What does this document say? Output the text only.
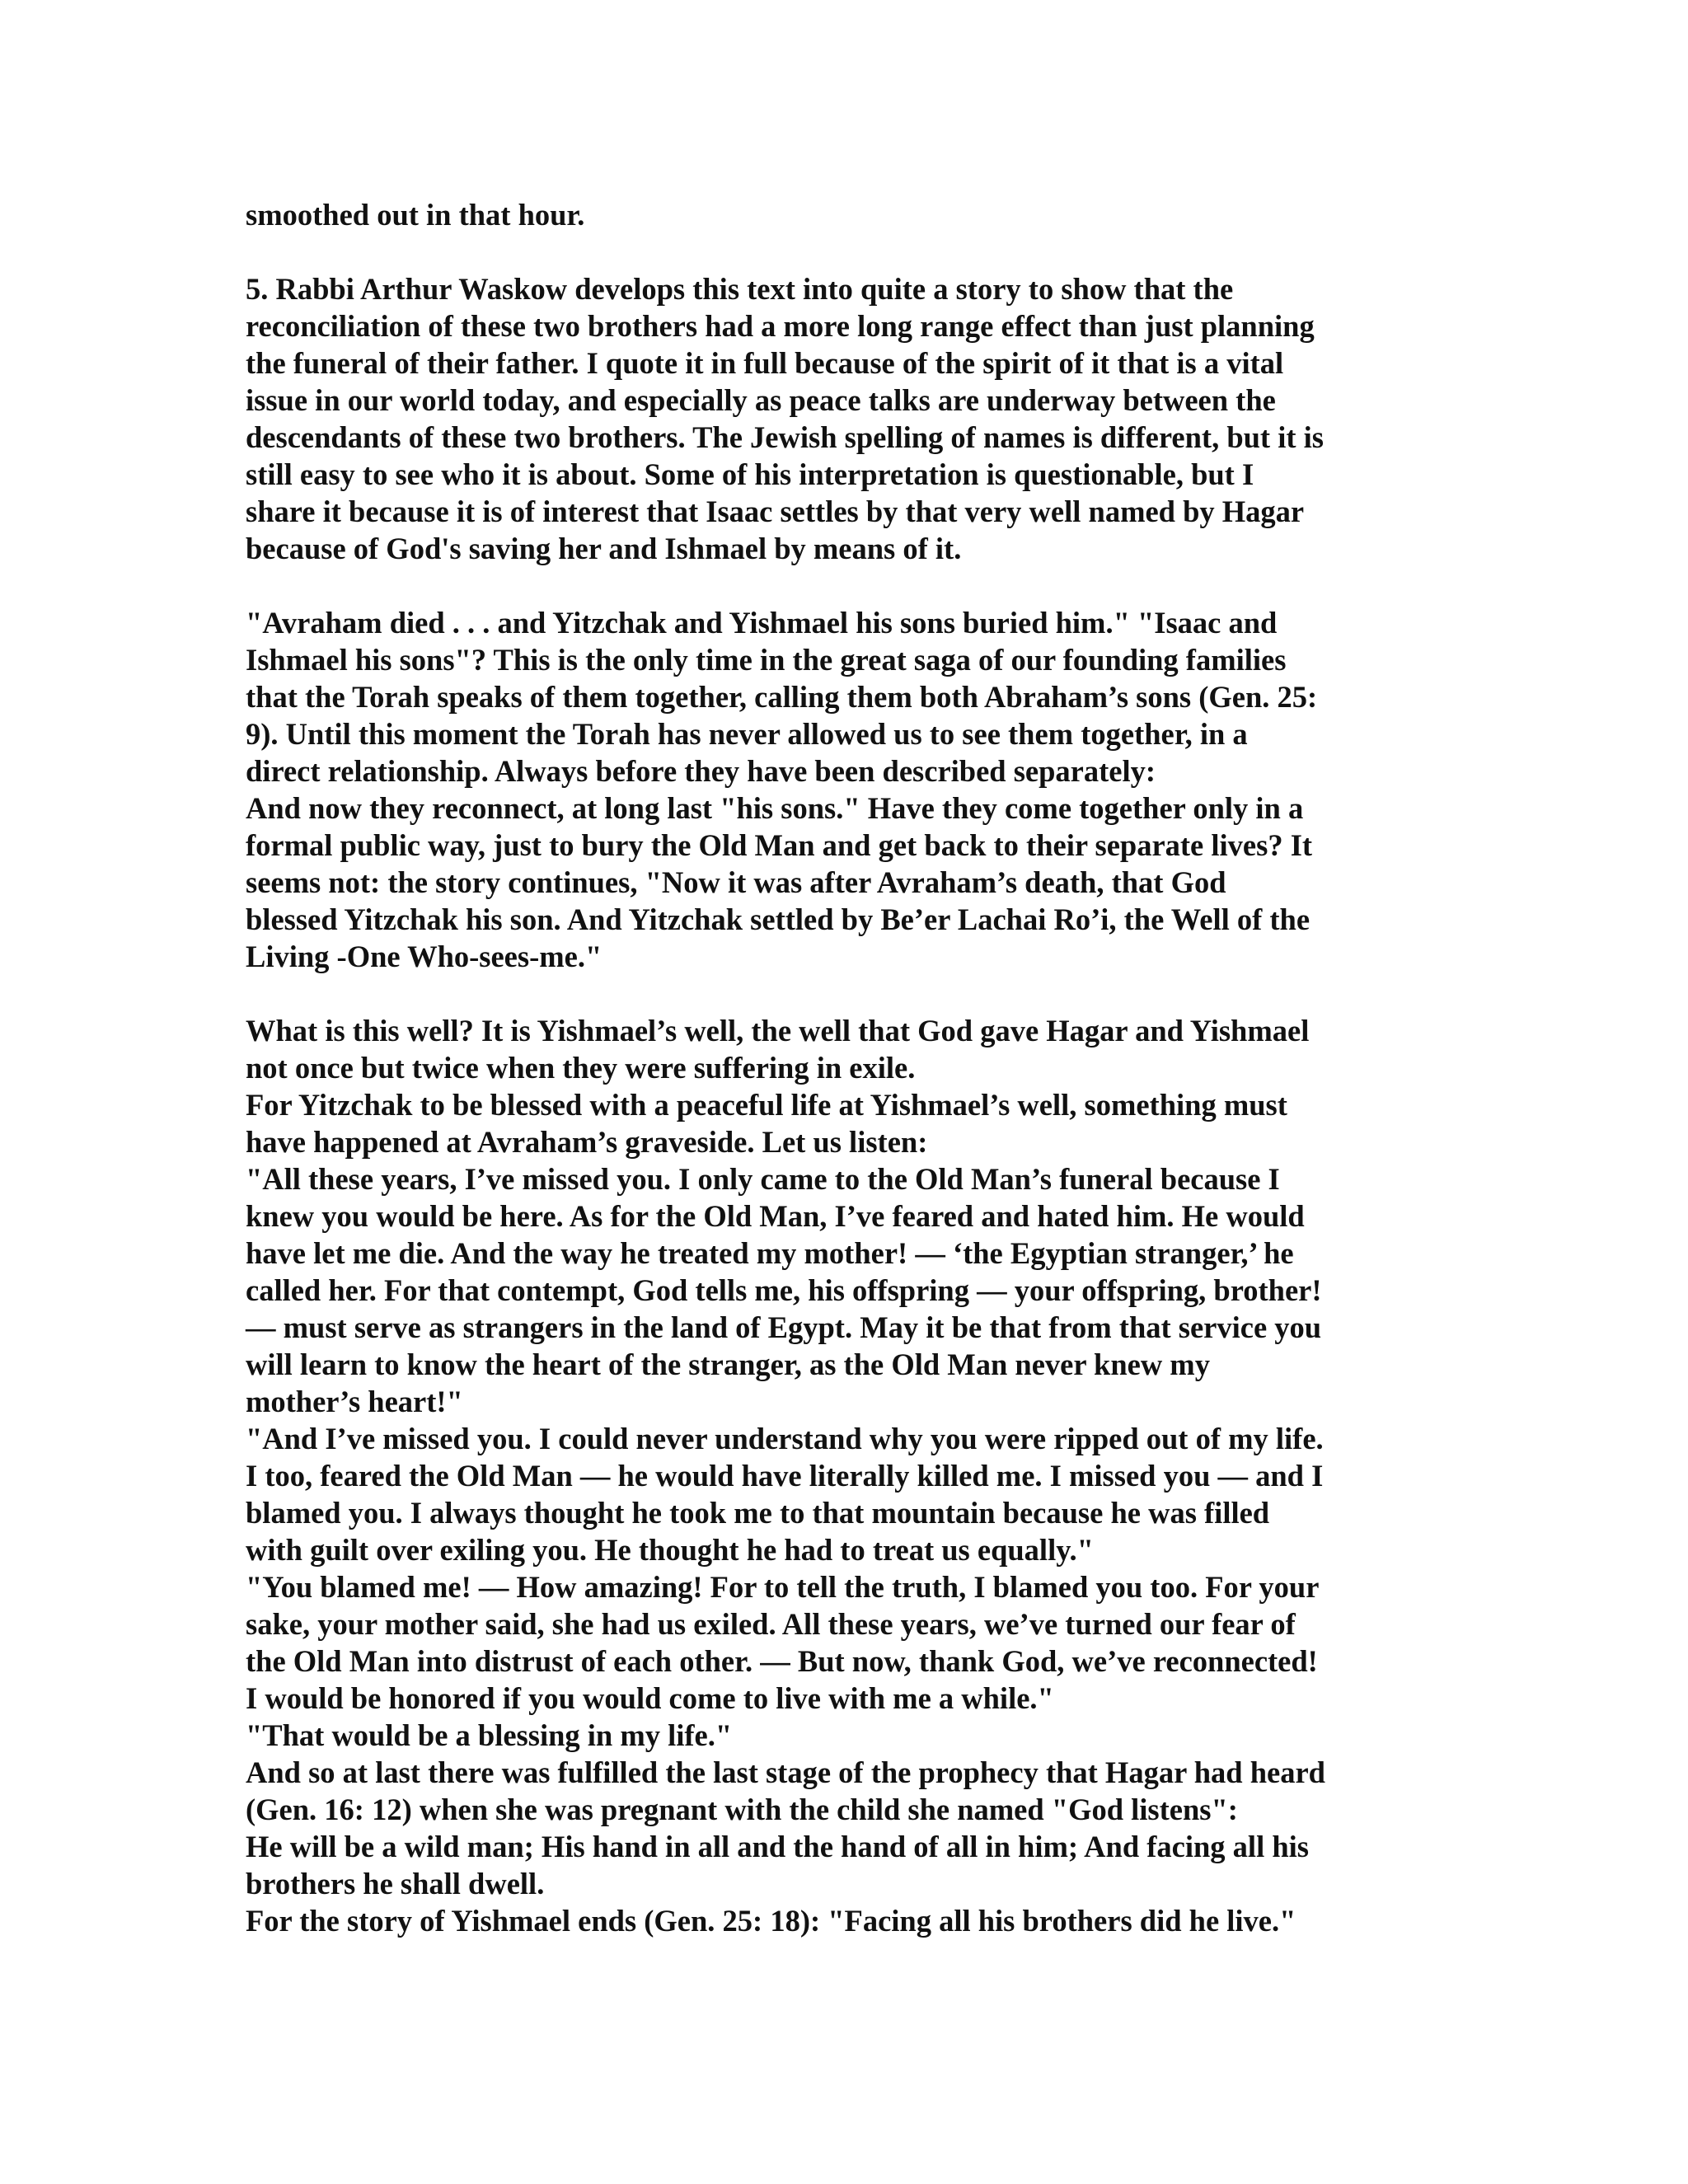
smoothed out in that hour.
5. Rabbi Arthur Waskow develops this text into quite a story to show that the
reconciliation of these two brothers had a more long range effect than just planning
the funeral of their father. I quote it in full because of the spirit of it that is a vital
issue in our world today, and especially as peace talks are underway between the
descendants of these two brothers. The Jewish spelling of names is different, but it is
still easy to see who it is about. Some of his interpretation is questionable, but I
share it because it is of interest that Isaac settles by that very well named by Hagar
because of God's saving her and Ishmael by means of it.
"Avraham died . . . and Yitzchak and Yishmael his sons buried him." "Isaac and
Ishmael his sons"? This is the only time in the great saga of our founding families
that the Torah speaks of them together, calling them both Abraham’s sons (Gen. 25:
9). Until this moment the Torah has never allowed us to see them together, in a
direct relationship. Always before they have been described separately:
And now they reconnect, at long last "his sons." Have they come together only in a
formal public way, just to bury the Old Man and get back to their separate lives? It
seems not: the story continues, "Now it was after Avraham’s death, that God
blessed Yitzchak his son. And Yitzchak settled by Be’er Lachai Ro’i, the Well of the
Living -One Who-sees-me."
What is this well? It is Yishmael’s well, the well that God gave Hagar and Yishmael
not once but twice when they were suffering in exile.
For Yitzchak to be blessed with a peaceful life at Yishmael’s well, something must
have happened at Avraham’s graveside. Let us listen:
"All these years, I’ve missed you. I only came to the Old Man’s funeral because I
knew you would be here. As for the Old Man, I’ve feared and hated him. He would
have let me die. And the way he treated my mother! — ‘the Egyptian stranger,’ he
called her. For that contempt, God tells me, his offspring — your offspring, brother!
— must serve as strangers in the land of Egypt. May it be that from that service you
will learn to know the heart of the stranger, as the Old Man never knew my
mother’s heart!"
"And I’ve missed you. I could never understand why you were ripped out of my life.
I too, feared the Old Man — he would have literally killed me. I missed you — and I
blamed you. I always thought he took me to that mountain because he was filled
with guilt over exiling you. He thought he had to treat us equally."
"You blamed me! — How amazing! For to tell the truth, I blamed you too. For your
sake, your mother said, she had us exiled. All these years, we’ve turned our fear of
the Old Man into distrust of each other. — But now, thank God, we’ve reconnected!
I would be honored if you would come to live with me a while."
"That would be a blessing in my life."
And so at last there was fulfilled the last stage of the prophecy that Hagar had heard
(Gen. 16: 12) when she was pregnant with the child she named "God listens":
He will be a wild man; His hand in all and the hand of all in him; And facing all his
brothers he shall dwell.
For the story of Yishmael ends (Gen. 25: 18): "Facing all his brothers did he live."
